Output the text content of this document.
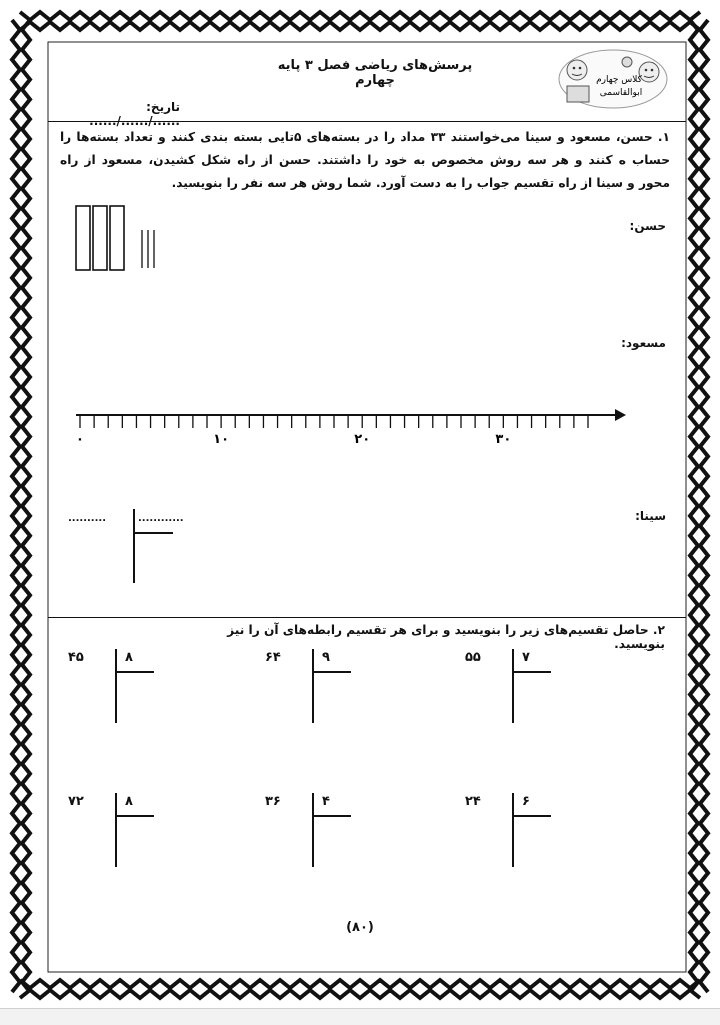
پرسش‌های ریاضی فصل ۳ پایه چهارم
تاریخ: ....../....../......
کلاس چهارم
ابوالقاسمی
۱. حسن، مسعود و سینا می‌خواستند ۳۳ مداد را در بسته‌های ۵تایی بسته بندی کنند و تعداد بسته‌ها را حساب ه کنند و هر سه روش مخصوص به خود را داشتند. حسن از راه شکل کشیدن، مسعود از راه محور و سینا از راه تقسیم جواب را به دست آورد. شما روش هر سه نفر را بنویسید.
حسن:
مسعود:
۰	۱۰	۲۰	۳۰
سینا:
..........	............
۲. حاصل تقسیم‌های زیر را بنویسید و برای هر تقسیم رابطه‌های آن را نیز بنویسید.
۵۵	۷
۶۴	۹
۴۵	۸
۲۴	۶
۳۶	۴
۷۲	۸
(۸۰)
